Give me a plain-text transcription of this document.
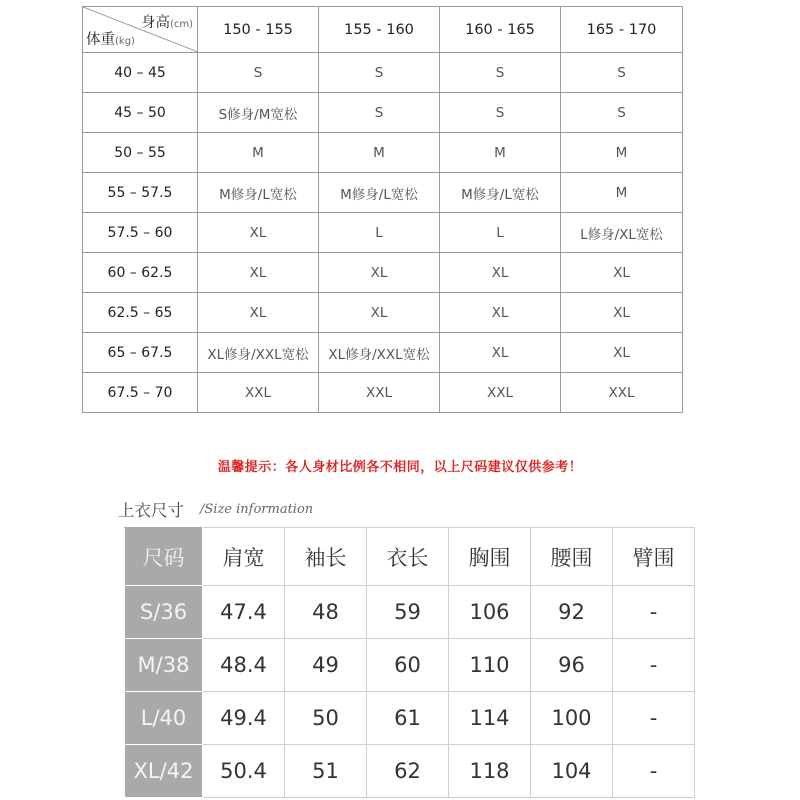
身高(cm)
体重(kg)	150 - 155	155 - 160	160 - 165	165 - 170
40 – 45	S	S	S	S
45 – 50	S修身/M宽松	S	S	S
50 – 55	M	M	M	M
55 – 57.5	M修身/L宽松	M修身/L宽松	M修身/L宽松	M
57.5 – 60	XL	L	L	L修身/XL宽松
60 – 62.5	XL	XL	XL	XL
62.5 – 65	XL	XL	XL	XL
65 – 67.5	XL修身/XXL宽松	XL修身/XXL宽松	XL	XL
67.5 – 70	XXL	XXL	XXL	XXL
温馨提示：各人身材比例各不相同，以上尺码建议仅供参考！
上衣尺寸 /Size information
尺码	肩宽	袖长	衣长	胸围	腰围	臂围
S/36	47.4	48	59	106	92	-
M/38	48.4	49	60	110	96	-
L/40	49.4	50	61	114	100	-
XL/42	50.4	51	62	118	104	-
